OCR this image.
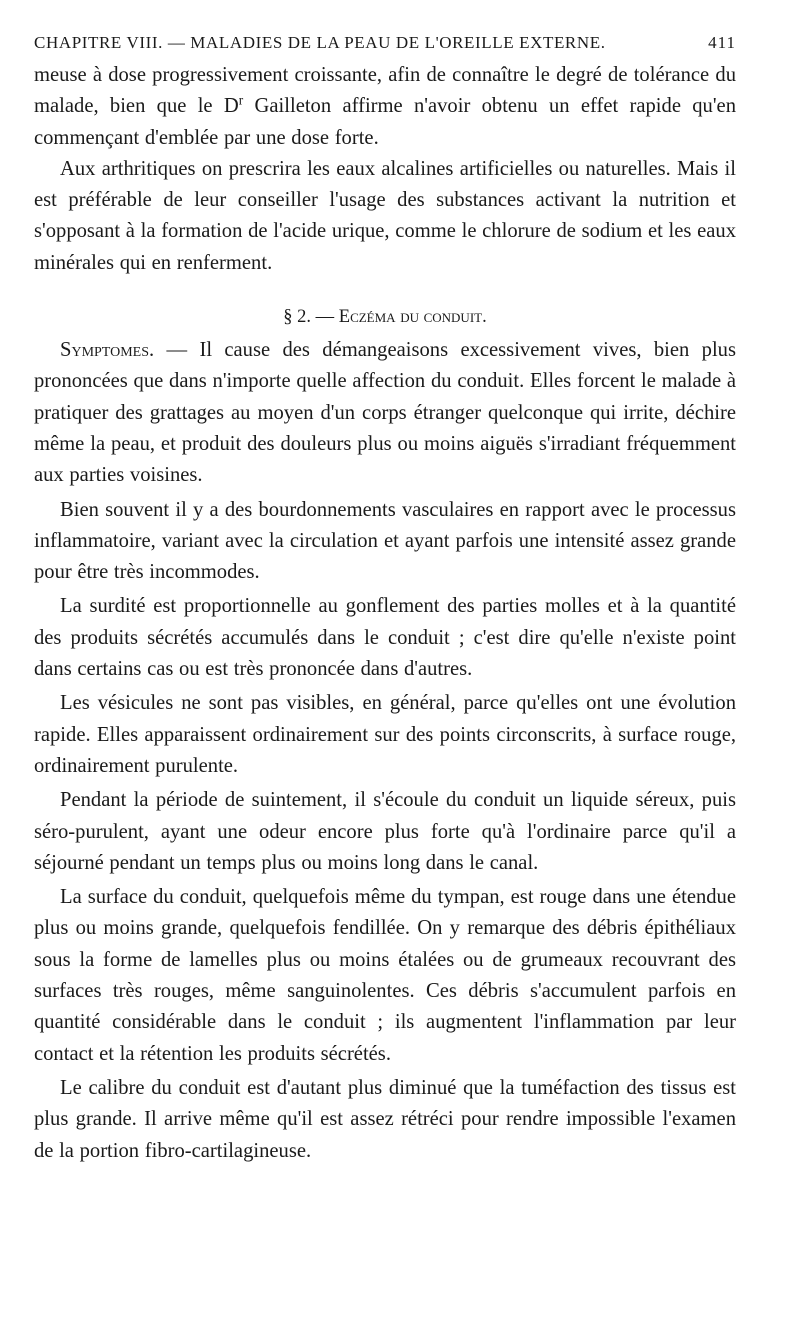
CHAPITRE VIII. — MALADIES DE LA PEAU DE L'OREILLE EXTERNE.	411

meuse à dose progressivement croissante, afin de connaître le degré de tolérance du malade, bien que le $D^r$ Gailleton affirme n'avoir obtenu un effet rapide qu'en commençant d'emblée par une dose forte.

Aux arthritiques on prescrira les eaux alcalines artificielles ou naturelles. Mais il est préférable de leur conseiller l'usage des substances activant la nutrition et s'opposant à la formation de l'acide urique, comme le chlorure de sodium et les eaux minérales qui en renferment.

§ 2. — Eczéma du conduit.

Symptomes. — Il cause des démangeaisons excessivement vives, bien plus prononcées que dans n'importe quelle affection du conduit. Elles forcent le malade à pratiquer des grattages au moyen d'un corps étranger quelconque qui irrite, déchire même la peau, et produit des douleurs plus ou moins aiguës s'irradiant fréquemment aux parties voisines.

Bien souvent il y a des bourdonnements vasculaires en rapport avec le processus inflammatoire, variant avec la circulation et ayant parfois une intensité assez grande pour être très incommodes.

La surdité est proportionnelle au gonflement des parties molles et à la quantité des produits sécrétés accumulés dans le conduit ; c'est dire qu'elle n'existe point dans certains cas ou est très prononcée dans d'autres.

Les vésicules ne sont pas visibles, en général, parce qu'elles ont une évolution rapide. Elles apparaissent ordinairement sur des points circonscrits, à surface rouge, ordinairement purulente.

Pendant la période de suintement, il s'écoule du conduit un liquide séreux, puis séro-purulent, ayant une odeur encore plus forte qu'à l'ordinaire parce qu'il a séjourné pendant un temps plus ou moins long dans le canal.

La surface du conduit, quelquefois même du tympan, est rouge dans une étendue plus ou moins grande, quelquefois fendillée. On y remarque des débris épithéliaux sous la forme de lamelles plus ou moins étalées ou de grumeaux recouvrant des surfaces très rouges, même sanguinolentes. Ces débris s'accumulent parfois en quantité considérable dans le conduit ; ils augmentent l'inflammation par leur contact et la rétention les produits sécrétés.

Le calibre du conduit est d'autant plus diminué que la tuméfaction des tissus est plus grande. Il arrive même qu'il est assez rétréci pour rendre impossible l'examen de la portion fibro-cartilagineuse.
